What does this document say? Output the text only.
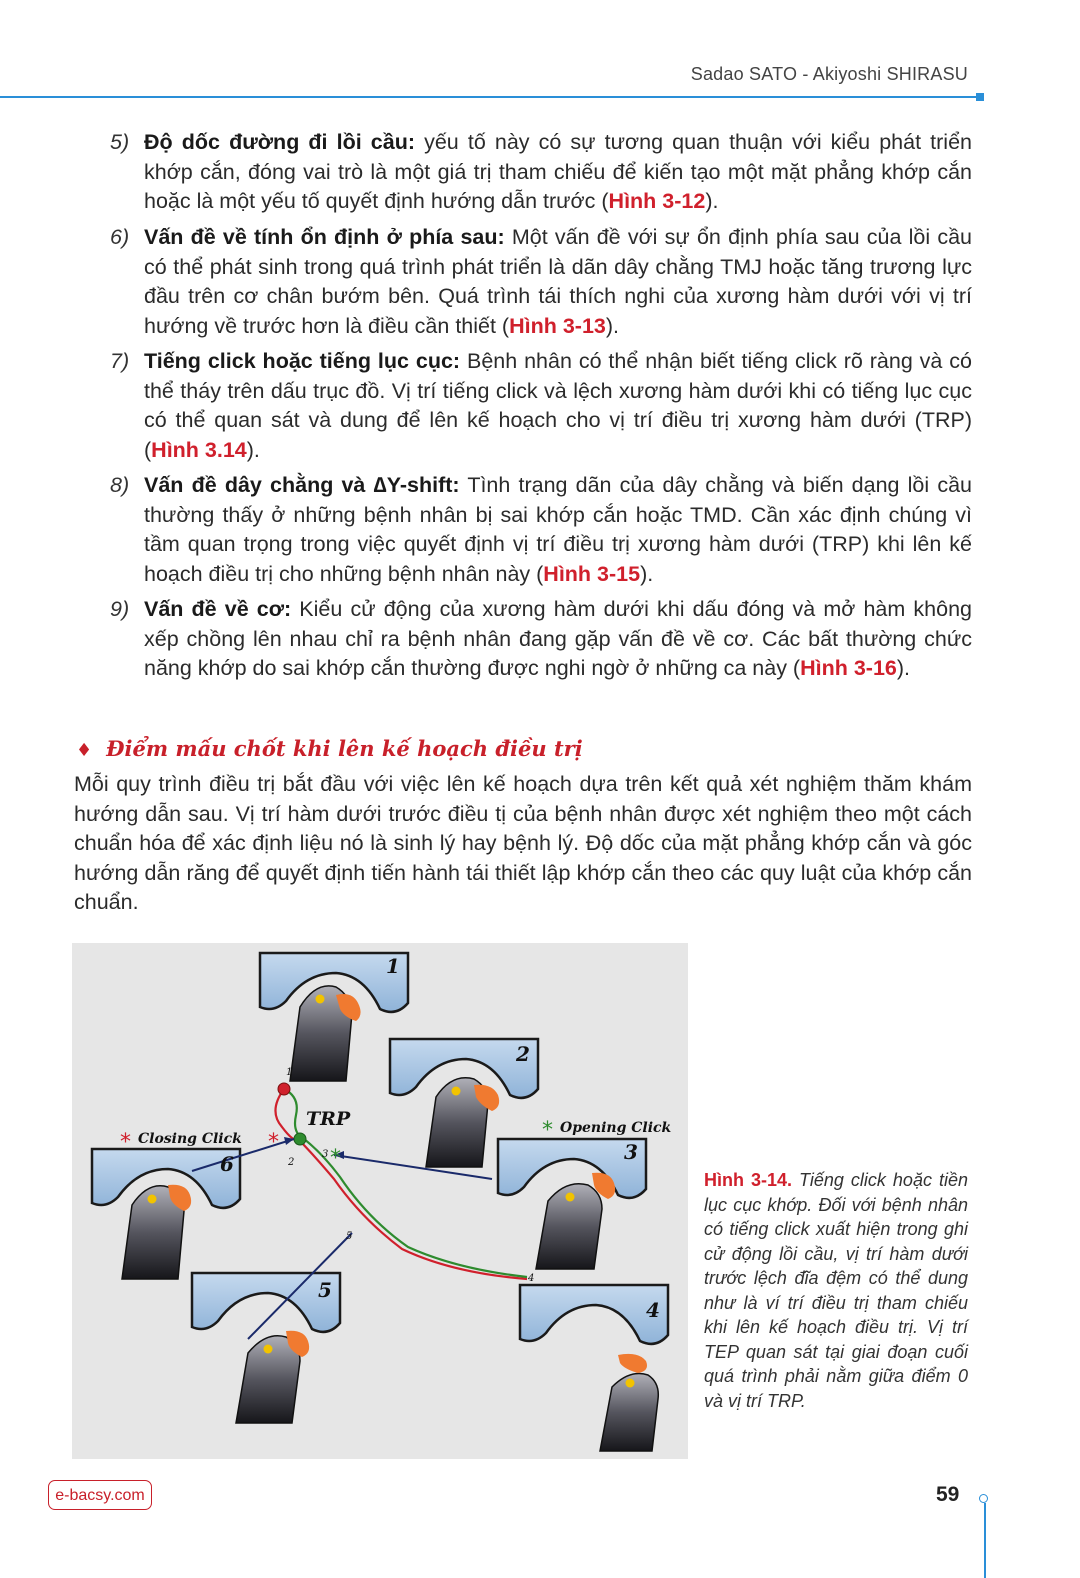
Sadao SATO - Akiyoshi SHIRASU
5) Độ dốc đường đi lồi cầu: yếu tố này có sự tương quan thuận với kiểu phát triển khớp cắn, đóng vai trò là một giá trị tham chiếu để kiến tạo một mặt phẳng khớp cắn hoặc là một yếu tố quyết định hướng dẫn trước (Hình 3-12).
6) Vấn đề về tính ổn định ở phía sau: Một vấn đề với sự ổn định phía sau của lồi cầu có thể phát sinh trong quá trình phát triển là dãn dây chằng TMJ hoặc tăng trương lực đầu trên cơ chân bướm bên. Quá trình tái thích nghi của xương hàm dưới với vị trí hướng về trước hơn là điều cần thiết (Hình 3-13).
7) Tiếng click hoặc tiếng lục cục: Bệnh nhân có thể nhận biết tiếng click rõ ràng và có thể tháy trên dấu trục đồ. Vị trí tiếng click và lệch xương hàm dưới khi có tiếng lục cục có thể quan sát và dung để lên kế hoạch cho vị trí điều trị xương hàm dưới (TRP) (Hình 3.14).
8) Vấn đề dây chằng và ∆Y-shift: Tình trạng dãn của dây chằng và biến dạng lồi cầu thường thấy ở những bệnh nhân bị sai khớp cắn hoặc TMD. Cần xác định chúng vì tầm quan trọng trong việc quyết định vị trí điều trị xương hàm dưới (TRP) khi lên kế hoạch điều trị cho những bệnh nhân này (Hình 3-15).
9) Vấn đề về cơ: Kiểu cử động của xương hàm dưới khi dấu đóng và mở hàm không xếp chồng lên nhau chỉ ra bệnh nhân đang gặp vấn đề về cơ. Các bất thường chức năng khớp do sai khớp cắn thường được nghi ngờ ở những ca này (Hình 3-16).
♦ Điểm mấu chốt khi lên kế hoạch điều trị
Mỗi quy trình điều trị bắt đầu với việc lên kế hoạch dựa trên kết quả xét nghiệm thăm khám hướng dẫn sau. Vị trí hàm dưới trước điều tị của bệnh nhân được xét nghiệm theo một cách chuẩn hóa để xác định liệu nó là sinh lý hay bệnh lý. Độ dốc của mặt phẳng khớp cắn và góc hướng dẫn răng để quyết định tiến hành tái thiết lập khớp cắn theo các quy luật của khớp cắn chuẩn.
TRP
* Closing Click	* Opening Click
*
*
1
2
3
4
5
6
1
2
3
4
5
Hình 3-14. Tiếng click hoặc tiền lục cục khớp. Đối với bệnh nhân có tiếng click xuất hiện trong ghi cử động lồi cầu, vị trí hàm dưới trước lệch đĩa đệm có thể dung như là ví trí điều trị tham chiếu khi lên kế hoạch điều trị. Vị trí TEP quan sát tại giai đoạn cuối quá trình phải nằm giữa điểm 0 và vị trí TRP.
e-bacsy.com	59
